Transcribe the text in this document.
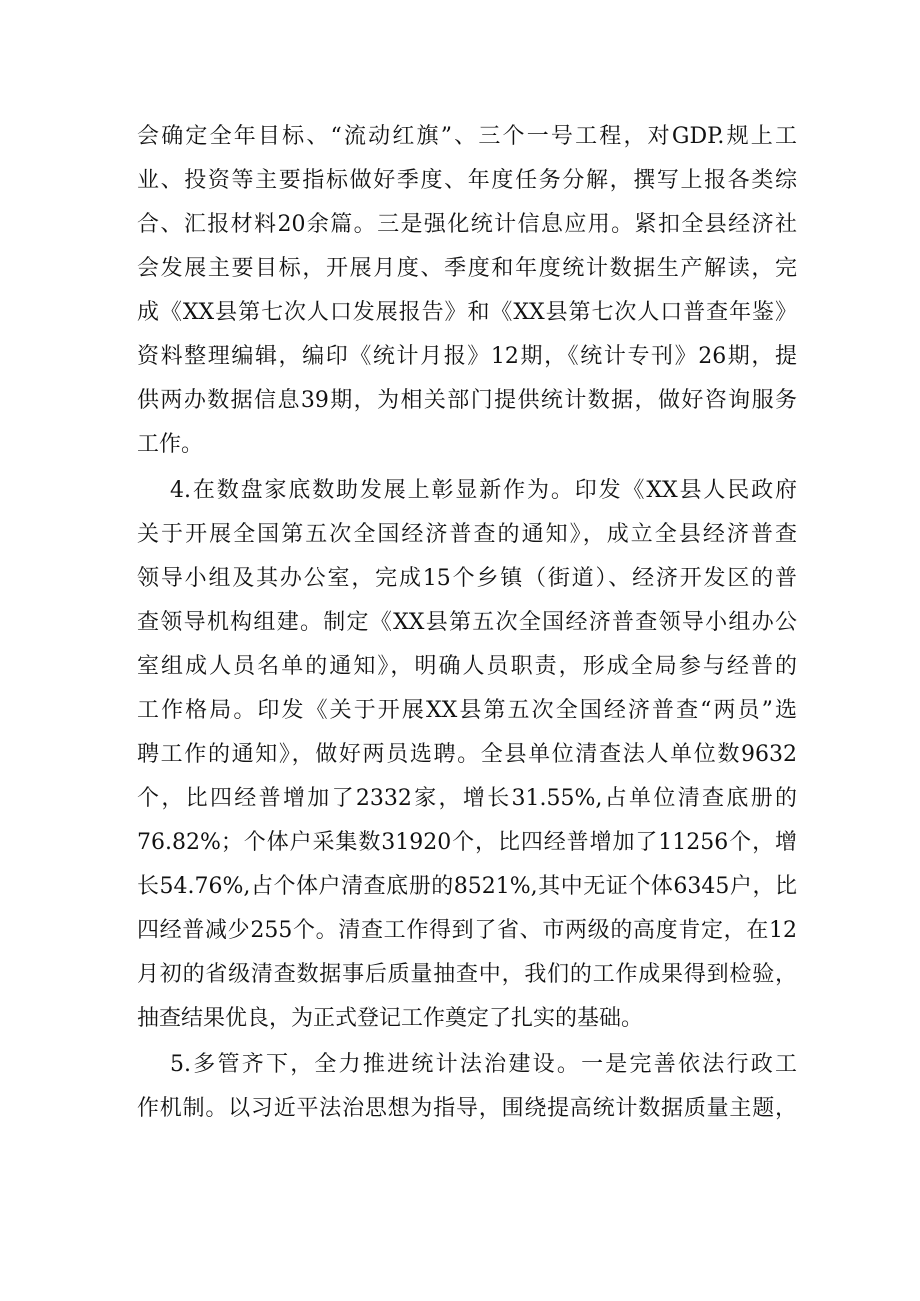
会确定全年目标、“流动红旗”、三个一号工程，对GDP.规上工
业、投资等主要指标做好季度、年度任务分解，撰写上报各类综
合、汇报材料20余篇。三是强化统计信息应用。紧扣全县经济社
会发展主要目标，开展月度、季度和年度统计数据生产解读，完
成《XX县第七次人口发展报告》和《XX县第七次人口普查年鉴》
资料整理编辑，编印《统计月报》12期，《统计专刊》26期，提
供两办数据信息39期，为相关部门提供统计数据，做好咨询服务
工作。
4.在数盘家底数助发展上彰显新作为。印发《XX县人民政府
关于开展全国第五次全国经济普查的通知》，成立全县经济普查
领导小组及其办公室，完成15个乡镇（街道）、经济开发区的普
查领导机构组建。制定《XX县第五次全国经济普查领导小组办公
室组成人员名单的通知》，明确人员职责，形成全局参与经普的
工作格局。印发《关于开展XX县第五次全国经济普查“两员”选
聘工作的通知》，做好两员选聘。全县单位清查法人单位数9632
个，比四经普增加了2332家，增长31.55%,占单位清查底册的
76.82%；个体户采集数31920个，比四经普增加了11256个，增
长54.76%,占个体户清查底册的8521%,其中无证个体6345户，比
四经普减少255个。清查工作得到了省、市两级的高度肯定，在12
月初的省级清查数据事后质量抽查中，我们的工作成果得到检验，
抽查结果优良，为正式登记工作奠定了扎实的基础。
5.多管齐下，全力推进统计法治建设。一是完善依法行政工
作机制。以习近平法治思想为指导，围绕提高统计数据质量主题，
